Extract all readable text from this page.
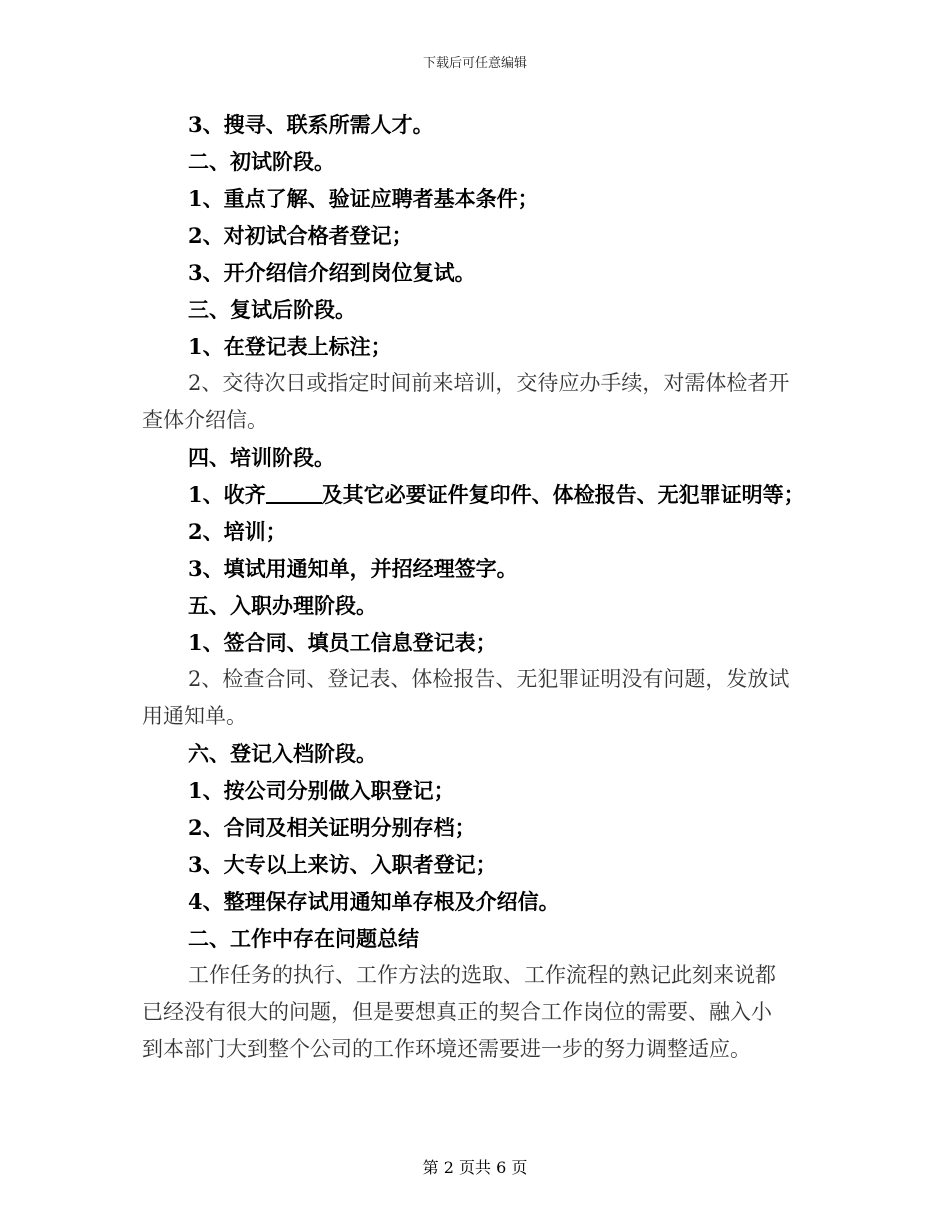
下载后可任意编辑
3、搜寻、联系所需人才。
二、初试阶段。
1、重点了解、验证应聘者基本条件；
2、对初试合格者登记；
3、开介绍信介绍到岗位复试。
三、复试后阶段。
1、在登记表上标注；
2、交待次日或指定时间前来培训，交待应办手续，对需体检者开
查体介绍信。
四、培训阶段。
1、收齐	及其它必要证件复印件、体检报告、无犯罪证明等；
2、培训；
3、填试用通知单，并招经理签字。
五、入职办理阶段。
1、签合同、填员工信息登记表；
2、检查合同、登记表、体检报告、无犯罪证明没有问题，发放试
用通知单。
六、登记入档阶段。
1、按公司分别做入职登记；
2、合同及相关证明分别存档；
3、大专以上来访、入职者登记；
4、整理保存试用通知单存根及介绍信。
二、工作中存在问题总结
工作任务的执行、工作方法的选取、工作流程的熟记此刻来说都
已经没有很大的问题，但是要想真正的契合工作岗位的需要、融入小
到本部门大到整个公司的工作环境还需要进一步的努力调整适应。
第 2 页共 6 页
